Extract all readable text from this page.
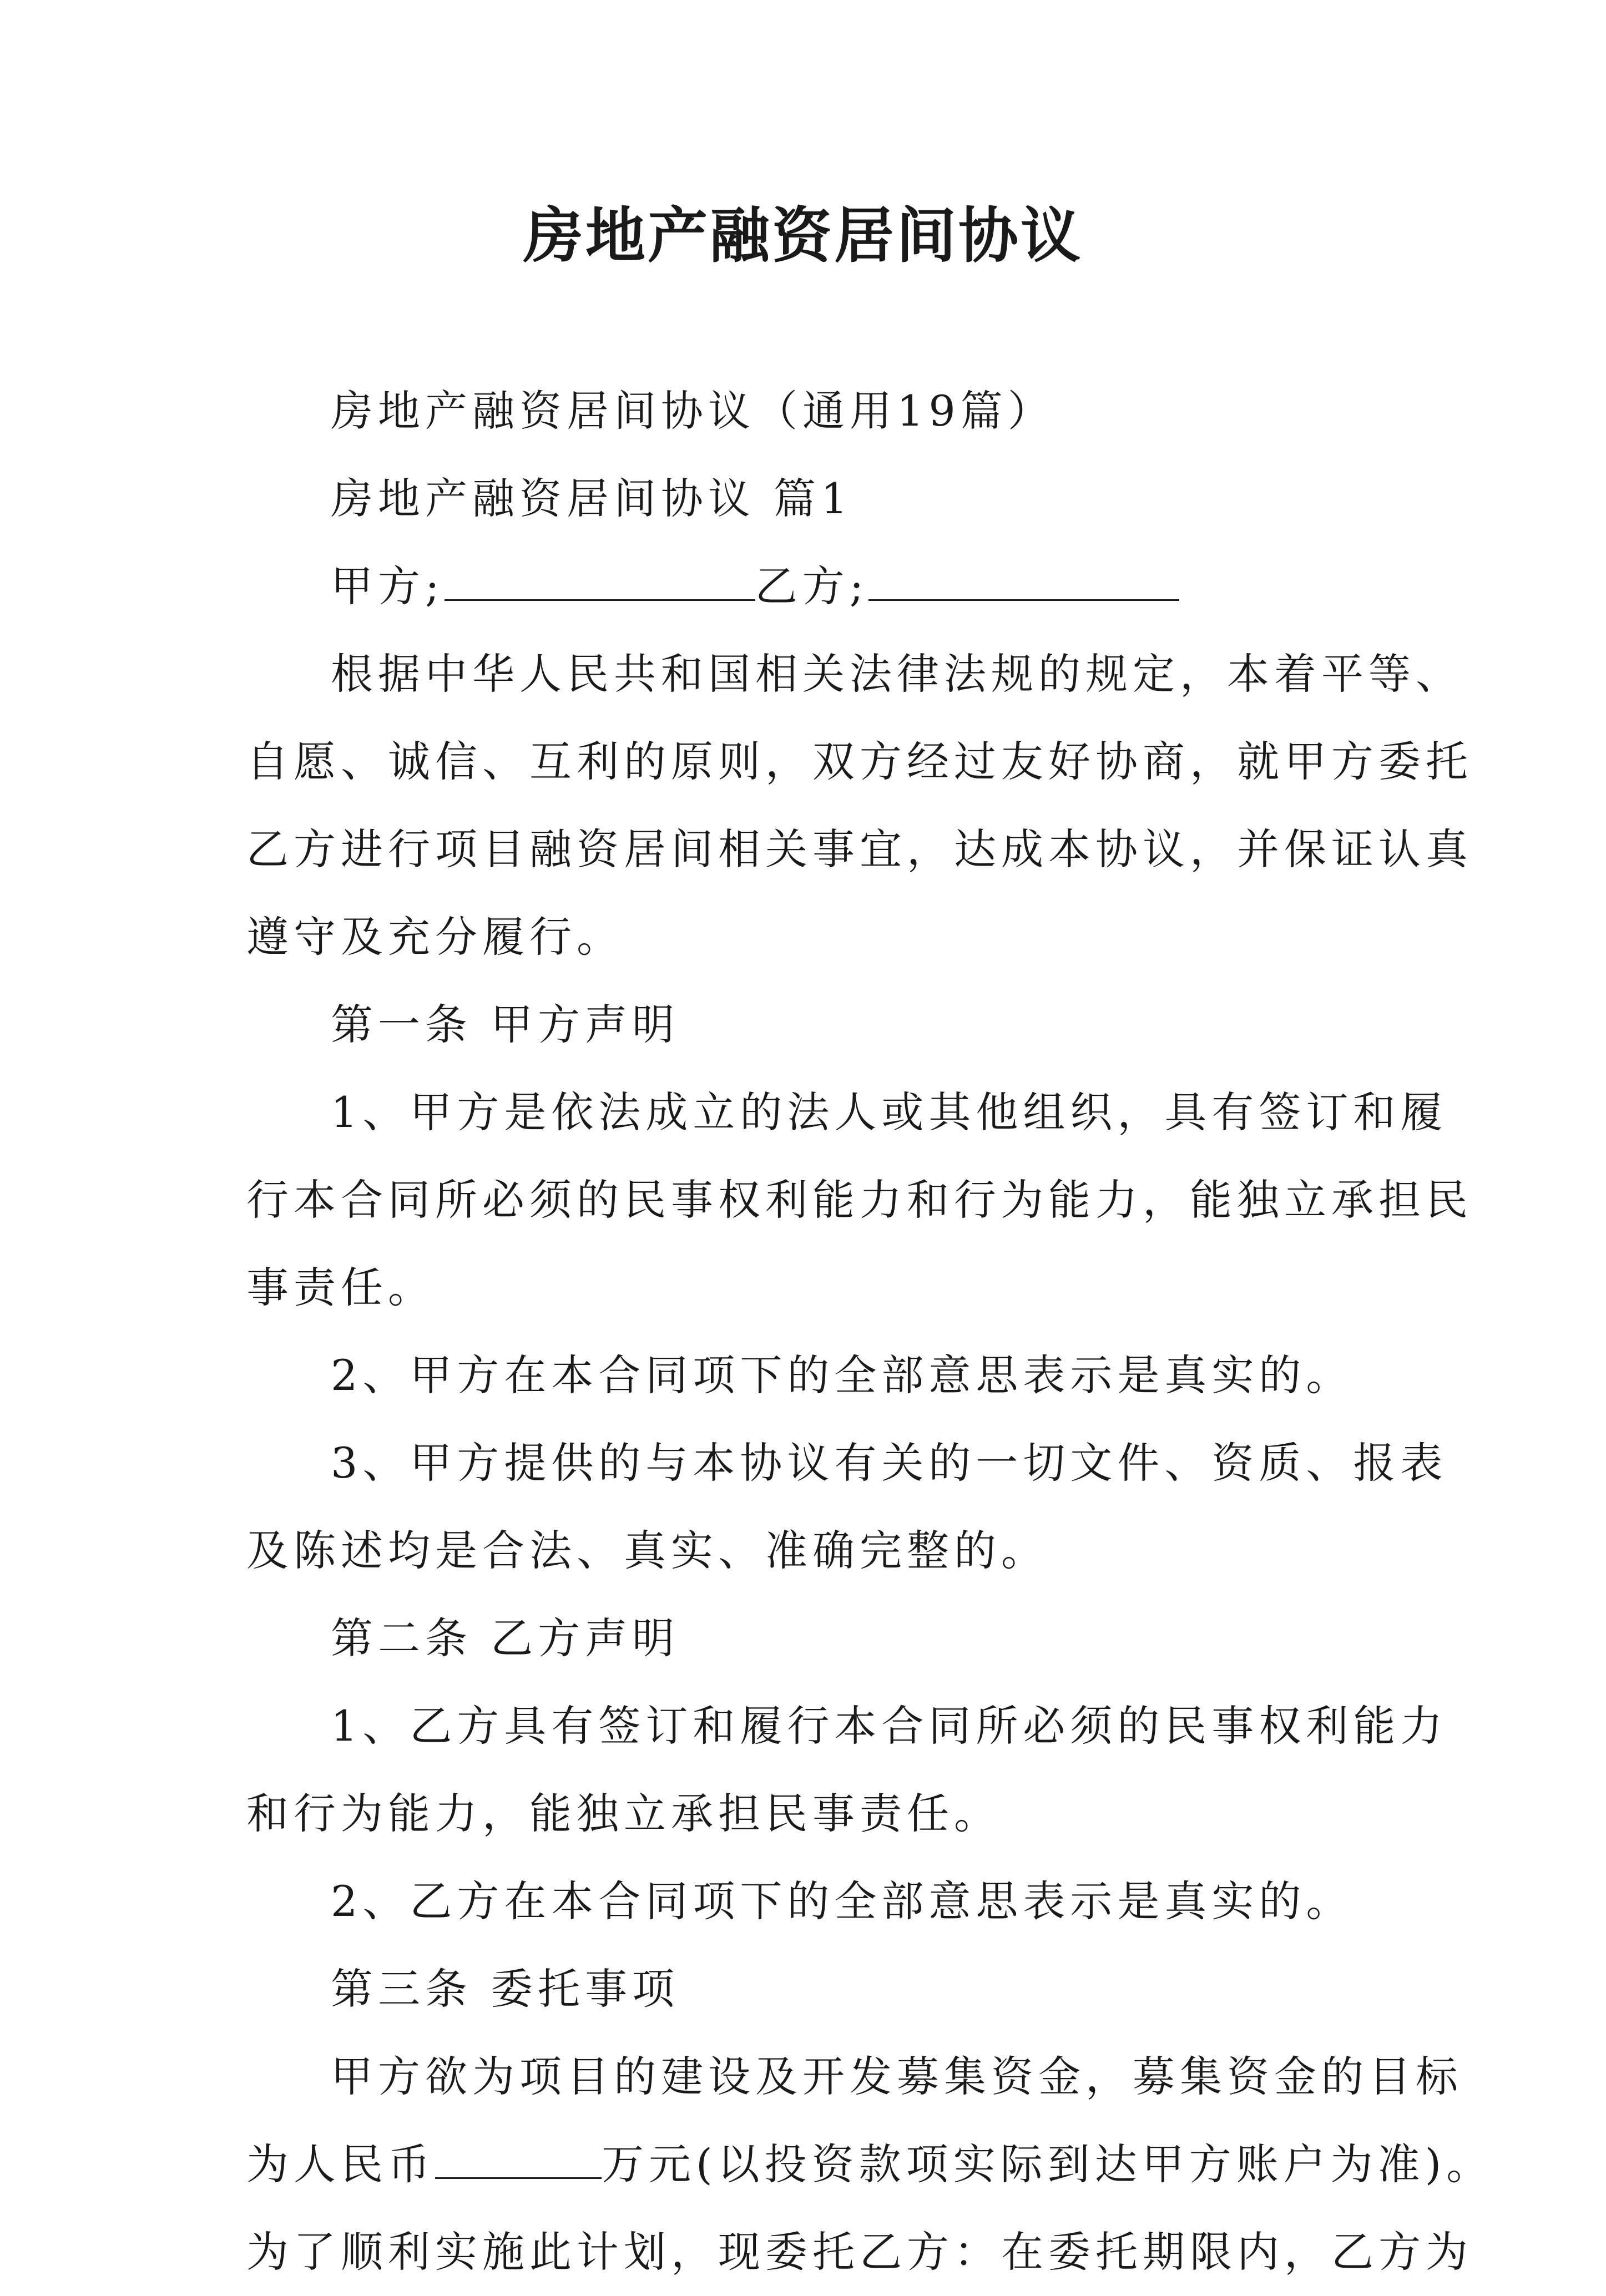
房地产融资居间协议

房地产融资居间协议（通用19篇）

房地产融资居间协议 篇1

甲方;	乙方;

根据中华人民共和国相关法律法规的规定，本着平等、
自愿、诚信、互利的原则，双方经过友好协商，就甲方委托
乙方进行项目融资居间相关事宜，达成本协议，并保证认真
遵守及充分履行。

第一条 甲方声明

1、甲方是依法成立的法人或其他组织，具有签订和履
行本合同所必须的民事权利能力和行为能力，能独立承担民
事责任。

2、甲方在本合同项下的全部意思表示是真实的。

3、甲方提供的与本协议有关的一切文件、资质、报表
及陈述均是合法、真实、准确完整的。

第二条 乙方声明

1、乙方具有签订和履行本合同所必须的民事权利能力
和行为能力，能独立承担民事责任。

2、乙方在本合同项下的全部意思表示是真实的。

第三条 委托事项

甲方欲为项目的建设及开发募集资金，募集资金的目标
为人民币	万元(以投资款项实际到达甲方账户为准)。
为了顺利实施此计划，现委托乙方：在委托期限内，乙方为
